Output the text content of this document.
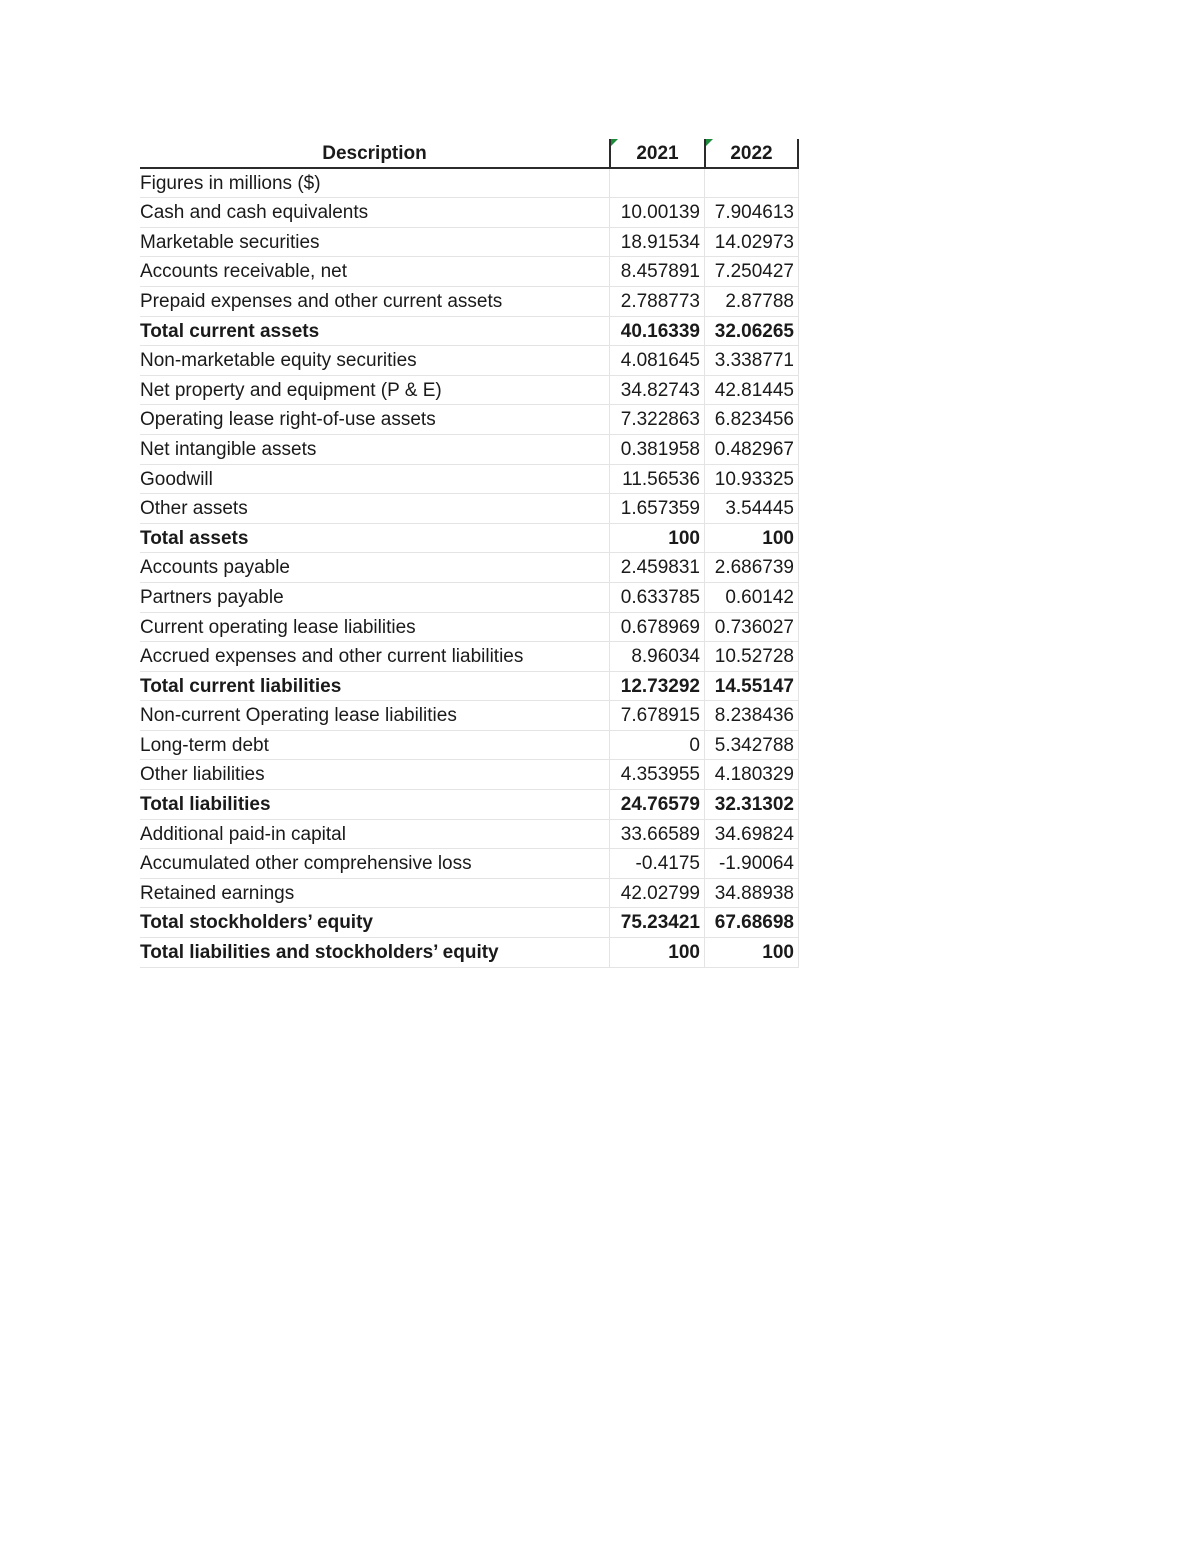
Description	2021	2022
Figures in millions ($)
Cash and cash equivalents	10.00139 7.904613
Marketable securities	18.91534 14.02973
Accounts receivable, net	8.457891 7.250427
Prepaid expenses and other current assets	2.788773	2.87788
Total current assets	40.16339 32.06265
Non-marketable equity securities	4.081645 3.338771
Net property and equipment (P & E)	34.82743 42.81445
Operating lease right-of-use assets	7.322863 6.823456
Net intangible assets	0.381958 0.482967
Goodwill	11.56536 10.93325
Other assets	1.657359	3.54445
Total assets	100	100
Accounts payable	2.459831 2.686739
Partners payable	0.633785	0.60142
Current operating lease liabilities	0.678969 0.736027
Accrued expenses and other current liabilities	8.96034 10.52728
Total current liabilities	12.73292 14.55147
Non-current Operating lease liabilities	7.678915 8.238436
Long-term debt	0 5.342788
Other liabilities	4.353955 4.180329
Total liabilities	24.76579 32.31302
Additional paid-in capital	33.66589 34.69824
Accumulated other comprehensive loss	-0.4175 -1.90064
Retained earnings	42.02799 34.88938
Total stockholders’ equity	75.23421 67.68698
Total liabilities and stockholders’ equity	100	100
